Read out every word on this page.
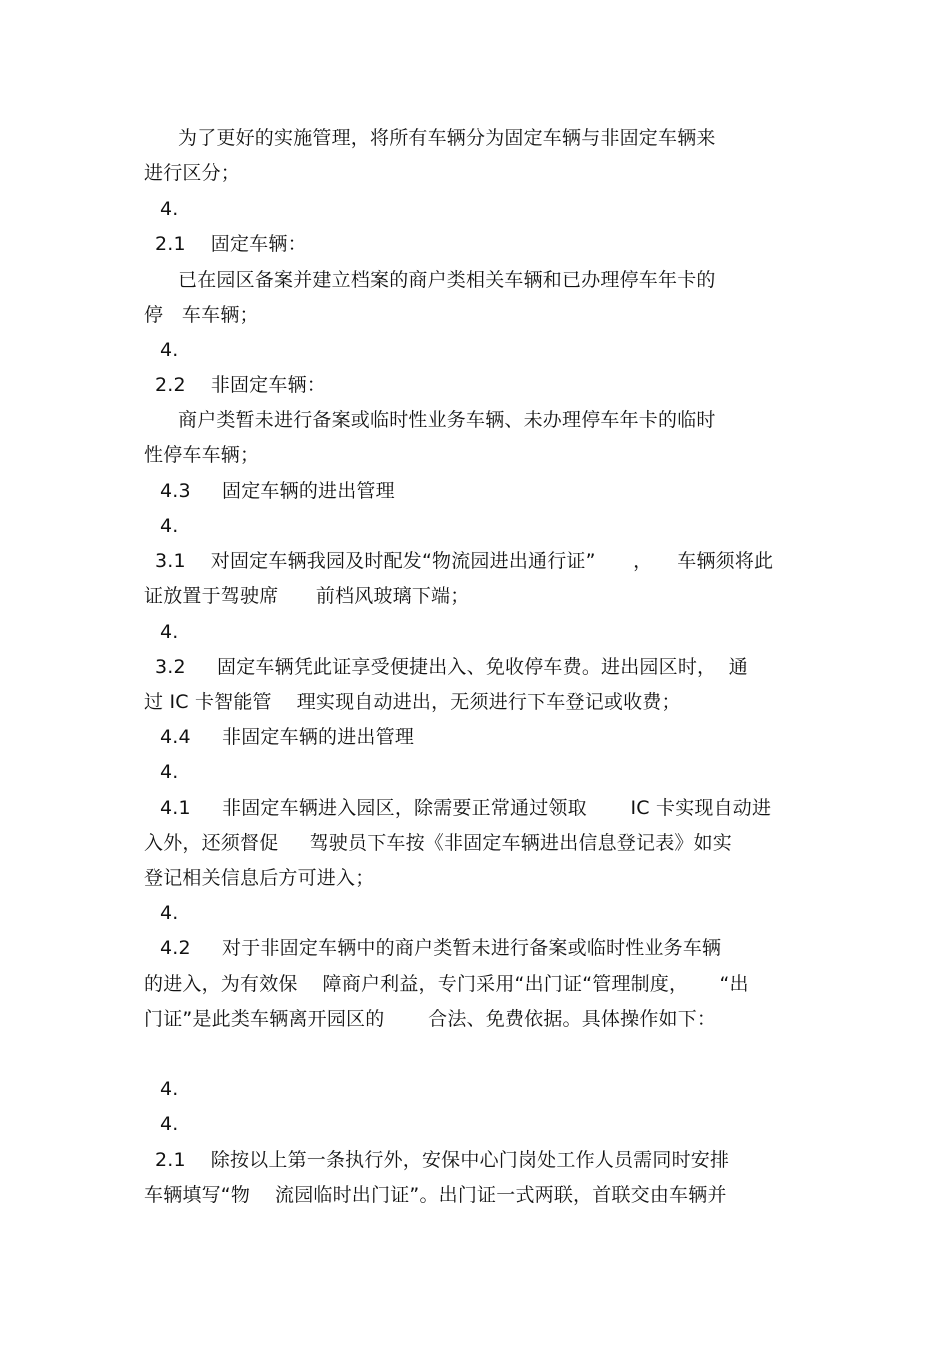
为了更好的实施管理，将所有车辆分为固定车辆与非固定车辆来
进行区分；
4.
2.1    固定车辆：
已在园区备案并建立档案的商户类相关车辆和已办理停车年卡的
停   车车辆；
4.
2.2    非固定车辆：
商户类暂未进行备案或临时性业务车辆、未办理停车年卡的临时
性停车车辆；
4.3     固定车辆的进出管理
4.
3.1    对固定车辆我园及时配发“物流园进出通行证”      ，    车辆须将此
证放置于驾驶席      前档风玻璃下端；
4.
3.2     固定车辆凭此证享受便捷出入、免收停车费。进出园区时，  通
过 IC 卡智能管    理实现自动进出，无须进行下车登记或收费；
4.4     非固定车辆的进出管理
4.
4.1     非固定车辆进入园区，除需要正常通过领取       IC 卡实现自动进
入外，还须督促     驾驶员下车按《非固定车辆进出信息登记表》如实
登记相关信息后方可进入；
4.
4.2     对于非固定车辆中的商户类暂未进行备案或临时性业务车辆
的进入，为有效保    障商户利益，专门采用“出门证“管理制度，     “出
门证”是此类车辆离开园区的       合法、免费依据。具体操作如下：
4.
4.
2.1    除按以上第一条执行外，安保中心门岗处工作人员需同时安排
车辆填写“物    流园临时出门证”。出门证一式两联，首联交由车辆并
